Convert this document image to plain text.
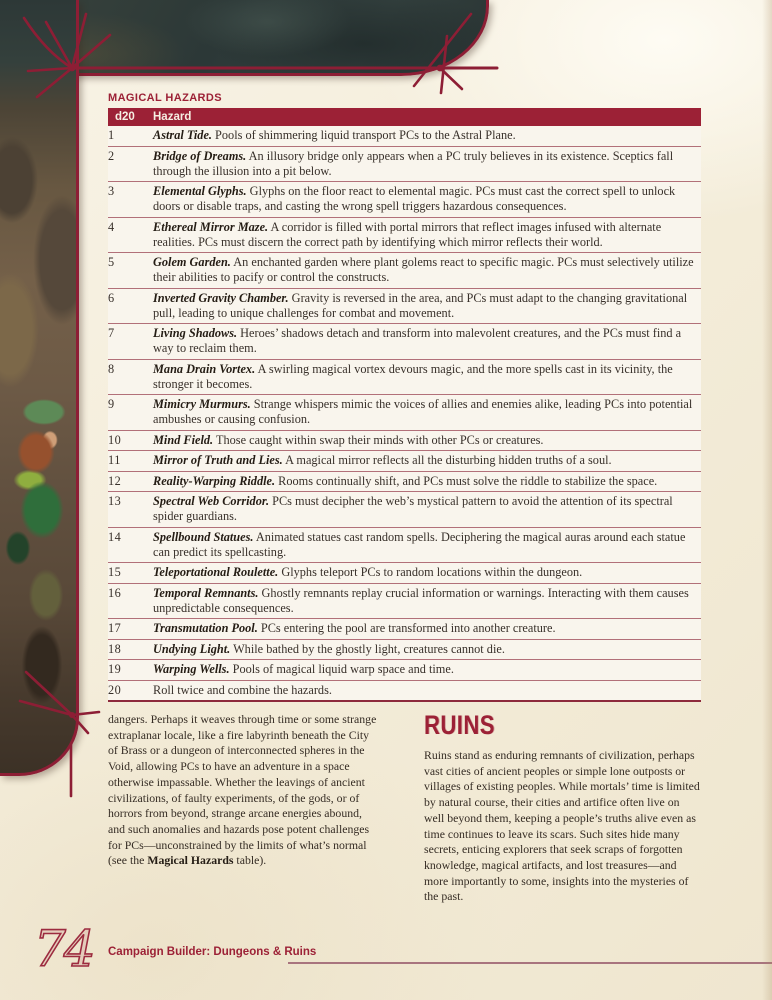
MAGICAL HAZARDS
d20	Hazard
1	Astral Tide. Pools of shimmering liquid transport PCs to the Astral Plane.
2	Bridge of Dreams. An illusory bridge only appears when a PC truly believes in its existence. Sceptics fall through the illusion into a pit below.
3	Elemental Glyphs. Glyphs on the floor react to elemental magic. PCs must cast the correct spell to unlock doors or disable traps, and casting the wrong spell triggers hazardous consequences.
4	Ethereal Mirror Maze. A corridor is filled with portal mirrors that reflect images infused with alternate realities. PCs must discern the correct path by identifying which mirror reflects their world.
5	Golem Garden. An enchanted garden where plant golems react to specific magic. PCs must selectively utilize their abilities to pacify or control the constructs.
6	Inverted Gravity Chamber. Gravity is reversed in the area, and PCs must adapt to the changing gravitational pull, leading to unique challenges for combat and movement.
7	Living Shadows. Heroes’ shadows detach and transform into malevolent creatures, and the PCs must find a way to reclaim them.
8	Mana Drain Vortex. A swirling magical vortex devours magic, and the more spells cast in its vicinity, the stronger it becomes.
9	Mimicry Murmurs. Strange whispers mimic the voices of allies and enemies alike, leading PCs into potential ambushes or causing confusion.
10	Mind Field. Those caught within swap their minds with other PCs or creatures.
11	Mirror of Truth and Lies. A magical mirror reflects all the disturbing hidden truths of a soul.
12	Reality-Warping Riddle. Rooms continually shift, and PCs must solve the riddle to stabilize the space.
13	Spectral Web Corridor. PCs must decipher the web’s mystical pattern to avoid the attention of its spectral spider guardians.
14	Spellbound Statues. Animated statues cast random spells. Deciphering the magical auras around each statue can predict its spellcasting.
15	Teleportational Roulette. Glyphs teleport PCs to random locations within the dungeon.
16	Temporal Remnants. Ghostly remnants replay crucial information or warnings. Interacting with them causes unpredictable consequences.
17	Transmutation Pool. PCs entering the pool are transformed into another creature.
18	Undying Light. While bathed by the ghostly light, creatures cannot die.
19	Warping Wells. Pools of magical liquid warp space and time.
20	Roll twice and combine the hazards.

dangers. Perhaps it weaves through time or some strange extraplanar locale, like a fire labyrinth beneath the City of Brass or a dungeon of interconnected spheres in the Void, allowing PCs to have an adventure in a space otherwise impassable. Whether the leavings of ancient civilizations, of faulty experiments, of the gods, or of horrors from beyond, strange arcane energies abound, and such anomalies and hazards pose potent challenges for PCs—unconstrained by the limits of what’s normal (see the Magical Hazards table).

RUINS

Ruins stand as enduring remnants of civilization, perhaps vast cities of ancient peoples or simple lone outposts or villages of existing peoples. While mortals’ time is limited by natural course, their cities and artifice often live on well beyond them, keeping a people’s truths alive even as time continues to leave its scars. Such sites hide many secrets, enticing explorers that seek scraps of forgotten knowledge, magical artifacts, and lost treasures—and more importantly to some, insights into the mysteries of the past.

74 Campaign Builder: Dungeons & Ruins
